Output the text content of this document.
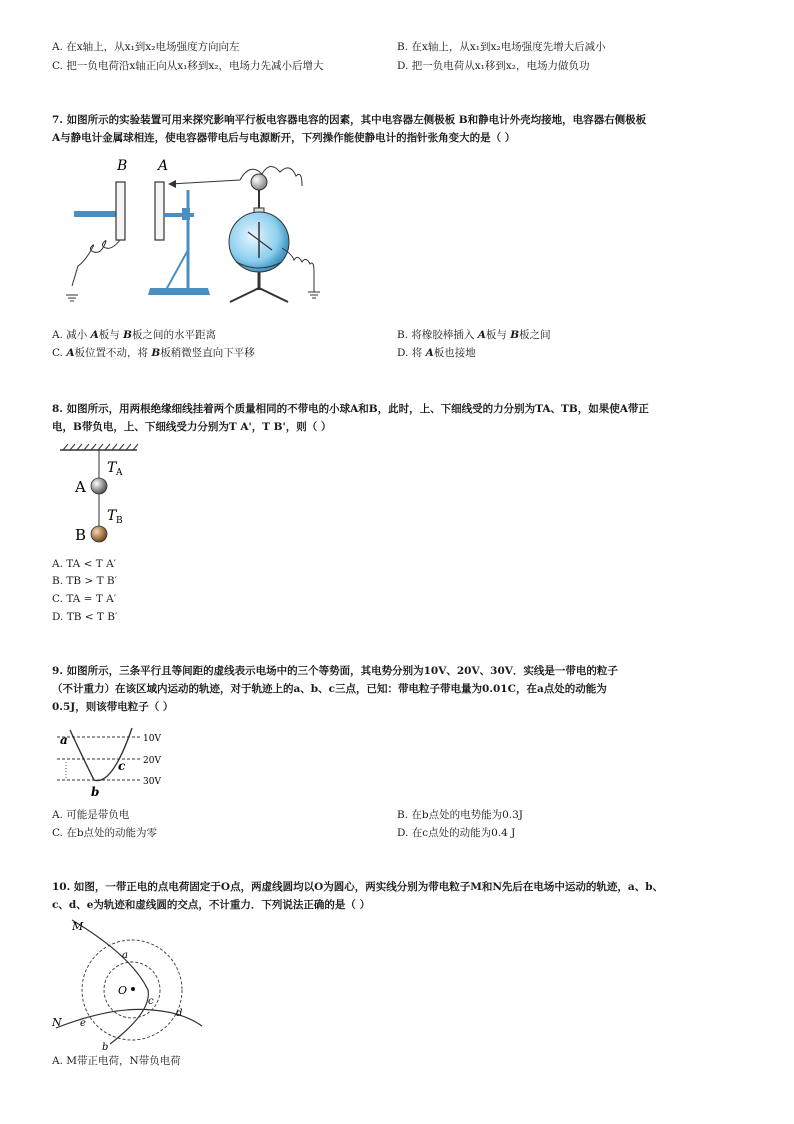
A. 在x轴上，从x₁到x₂电场强度方向向左	B. 在x轴上，从x₁到x₂电场强度先增大后减小
C. 把一负电荷沿x轴正向从x₁移到x₂，电场力先减小后增大	D. 把一负电荷从x₁移到x₂，电场力做负功
7. 如图所示的实验装置可用来探究影响平行板电容器电容的因素，其中电容器左侧极板 B和静电计外壳均接地，电容器右侧极板
A与静电计金属球相连，使电容器带电后与电源断开，下列操作能使静电计的指针张角变大的是（ ）
B A
A. 减小 A板与 B板之间的水平距离	B. 将橡胶棒插入 A板与 B板之间
C. A板位置不动，将 B板稍微竖直向下平移	D. 将 A板也接地
8. 如图所示，用两根绝缘细线挂着两个质量相同的不带电的小球A和B，此时，上、下细线受的力分别为TA、TB，如果使A带正
电，B带负电，上、下细线受力分别为T A'，T B'，则（ ）
T A
T B
A
B
A. TA < T A′
B. TB > T B′
C. TA = T A′
D. TB < T B′
9. 如图所示，三条平行且等间距的虚线表示电场中的三个等势面，其电势分别为10V、20V、30V．实线是一带电的粒子
（不计重力）在该区域内运动的轨迹，对于轨迹上的a、b、c三点，已知：带电粒子带电量为0.01C，在a点处的动能为
0.5J，则该带电粒子（ ）
10V
20V
30V
a
b
c
A. 可能是带负电	B. 在b点处的电势能为0.3J
C. 在b点处的动能为零	D. 在c点处的动能为0.4 J
10. 如图，一带正电的点电荷固定于O点，两虚线圆均以O为圆心，两实线分别为带电粒子M和N先后在电场中运动的轨迹，a、b、
c、d、e为轨迹和虚线圆的交点，不计重力．下列说法正确的是（ ）
M
N
O
a
b
c
d
e
A. M带正电荷，N带负电荷
